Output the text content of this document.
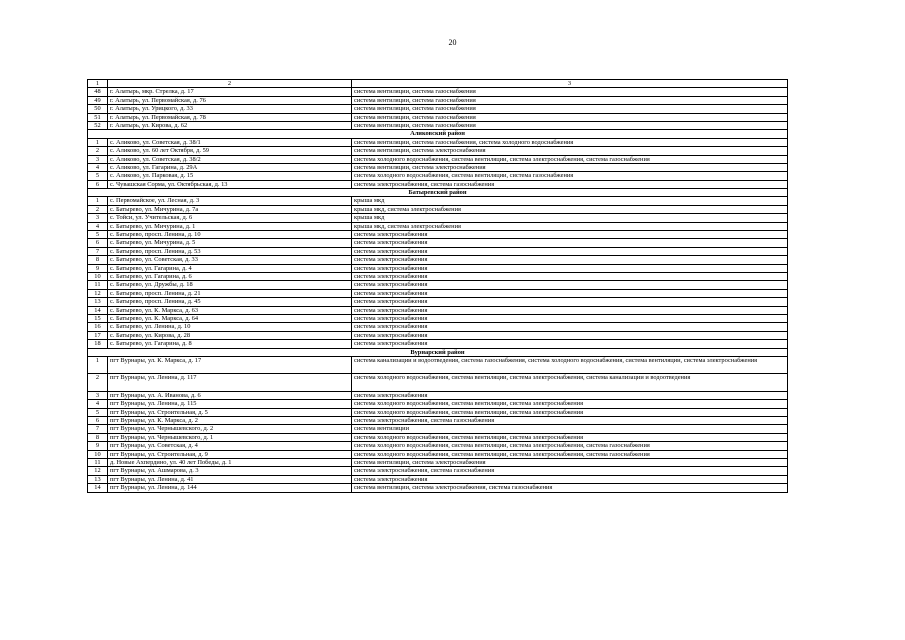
20
1	2	3
48	г. Алатырь, мкр. Стрелка, д. 17	система вентиляции, система газоснабжения
49	г. Алатырь, ул. Первомайская, д. 76	система вентиляции, система газоснабжения
50	г. Алатырь, ул. Урицкого, д. 33	система вентиляции, система газоснабжения
51	г. Алатырь, ул. Первомайская, д. 78	система вентиляции, система газоснабжения
52	г. Алатырь, ул. Кирова, д. 62	система вентиляции, система газоснабжения
Аликовский район		
1	с. Аликово, ул. Советская, д. 38/1	система вентиляции, система газоснабжения, система холодного водоснабжения
2	с. Аликово, ул. 60 лет Октября, д. 59	система вентиляции, система электроснабжения
3	с. Аликово, ул. Советская, д. 38/2	система холодного водоснабжения, система вентиляции, система электроснабжения, система газоснабжения
4	с. Аликово, ул. Гагарина, д. 29А	система вентиляции, система электроснабжения
5	с. Аликово, ул. Парковая, д. 15	система холодного водоснабжения, система вентиляции, система газоснабжения
6	с. Чувашская Сорма, ул. Октябрьская, д. 13	система электроснабжения, система газоснабжения
Батыревский район		
1	с. Первомайское, ул. Лесная, д. 3	крыша мкд
2	с. Батырево, ул. Мичурина, д. 7а	крыша мкд, система электроснабжения
3	с. Тойси, ул. Учительская, д. 6	крыша мкд
4	с. Батырево, ул. Мичурина, д. 1	крыша мкд, система электроснабжения
5	с. Батырево, просп. Ленина, д. 10	система электроснабжения
6	с. Батырево, ул. Мичурина, д. 5	система электроснабжения
7	с. Батырево, просп. Ленина, д. 53	система электроснабжения
8	с. Батырево, ул. Советская, д. 33	система электроснабжения
9	с. Батырево, ул. Гагарина, д. 4	система электроснабжения
10	с. Батырево, ул. Гагарина, д. 6	система электроснабжения
11	с. Батырево, ул. Дружбы, д. 18	система электроснабжения
12	с. Батырево, просп. Ленина, д. 21	система электроснабжения
13	с. Батырево, просп. Ленина, д. 45	система электроснабжения
14	с. Батырево, ул. К. Маркса, д. 63	система электроснабжения
15	с. Батырево, ул. К. Маркса, д. 64	система электроснабжения
16	с. Батырево, ул. Ленина, д. 10	система электроснабжения
17	с. Батырево, ул. Кирова, д. 28	система электроснабжения
18	с. Батырево, ул. Гагарина, д. 8	система электроснабжения
Вурнарский район		
1	пгт Вурнары, ул. К. Маркса, д. 17	система канализации и водоотведения, система газоснабжения, система холодного водоснабжения, система вентиляции, система электроснабжения
2	пгт Вурнары, ул. Ленина, д. 117	система холодного водоснабжения, система вентиляции, система электроснабжения, система канализации и водоотведения
3	пгт Вурнары, ул. А. Иванова, д. 6	система электроснабжения
4	пгт Вурнары, ул. Ленина, д. 115	система холодного водоснабжения, система вентиляции, система электроснабжения
5	пгт Вурнары, ул. Строительная, д. 5	система холодного водоснабжения, система вентиляции, система электроснабжения
6	пгт Вурнары, ул. К. Маркса, д. 2	система электроснабжения, система газоснабжения
7	пгт Вурнары, ул. Чернышевского, д. 2	система вентиляции
8	пгт Вурнары, ул. Чернышевского, д. 1	система холодного водоснабжения, система вентиляции, система электроснабжения
9	пгт Вурнары, ул. Советская, д. 4	система холодного водоснабжения, система вентиляции, система электроснабжения, система газоснабжения
10	пгт Вурнары, ул. Строительная, д. 9	система холодного водоснабжения, система вентиляции, система электроснабжения, система газоснабжения
11	д. Новые Ахпердино, ул. 40 лет Победы, д. 1	система вентиляции, система электроснабжения
12	пгт Вурнары, ул. Ашмарова, д. 3	система электроснабжения, система газоснабжения
13	пгт Вурнары, ул. Ленина, д. 41	система электроснабжения
14	пгт Вурнары, ул. Ленина, д. 144	система вентиляции, система электроснабжения, система газоснабжения
